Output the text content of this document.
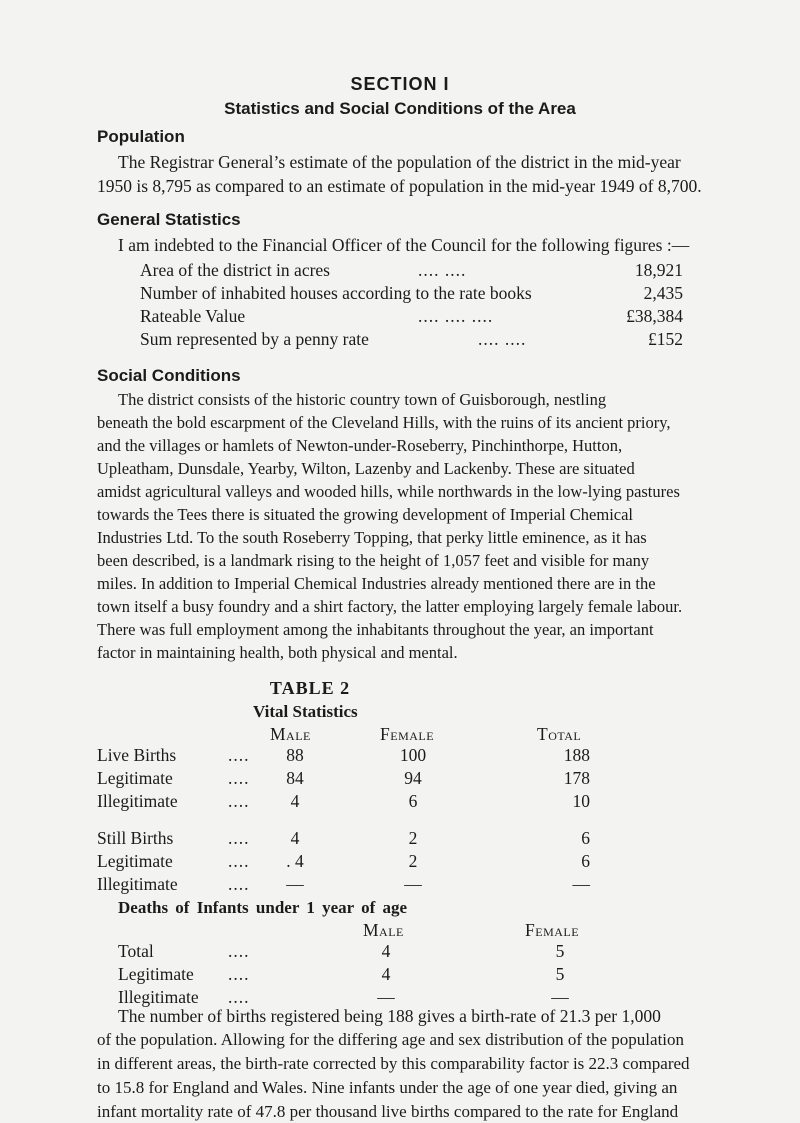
SECTION I
Statistics and Social Conditions of the Area
Population
The Registrar General’s estimate of the population of the district in the mid-year
1950 is 8,795 as compared to an estimate of population in the mid-year 1949 of 8,700.
General Statistics
I am indebted to the Financial Officer of the Council for the following figures :—
Area of the district in acres	.... ....	18,921
Number of inhabited houses according to the rate books	2,435
Rateable Value	.... .... ....	£38,384
Sum represented by a penny rate	.... ....	£152
Social Conditions
The district consists of the historic country town of Guisborough, nestling
beneath the bold escarpment of the Cleveland Hills, with the ruins of its ancient priory,
and the villages or hamlets of Newton-under-Roseberry, Pinchinthorpe, Hutton,
Upleatham, Dunsdale, Yearby, Wilton, Lazenby and Lackenby. These are situated
amidst agricultural valleys and wooded hills, while northwards in the low-lying pastures
towards the Tees there is situated the growing development of Imperial Chemical
Industries Ltd. To the south Roseberry Topping, that perky little eminence, as it has
been described, is a landmark rising to the height of 1,057 feet and visible for many
miles. In addition to Imperial Chemical Industries already mentioned there are in the
town itself a busy foundry and a shirt factory, the latter employing largely female labour.
There was full employment among the inhabitants throughout the year, an important
factor in maintaining health, both physical and mental.
TABLE 2
Vital Statistics
Male	Female	Total
Live Births	....	88	100	188
Legitimate	....	84	94	178
Illegitimate	....	4	6	10
Still Births	....	4	2	6
Legitimate	....	. 4	2	6
Illegitimate	....	—	—	—
Deaths of Infants under 1 year of age
Male	Female
Total	....	4	5
Legitimate ....	4	5
Illegitimate ....	—	—
The number of births registered being 188 gives a birth-rate of 21.3 per 1,000
of the population. Allowing for the differing age and sex distribution of the population
in different areas, the birth-rate corrected by this comparability factor is 22.3 compared
to 15.8 for England and Wales. Nine infants under the age of one year died, giving an
infant mortality rate of 47.8 per thousand live births compared to the rate for England
